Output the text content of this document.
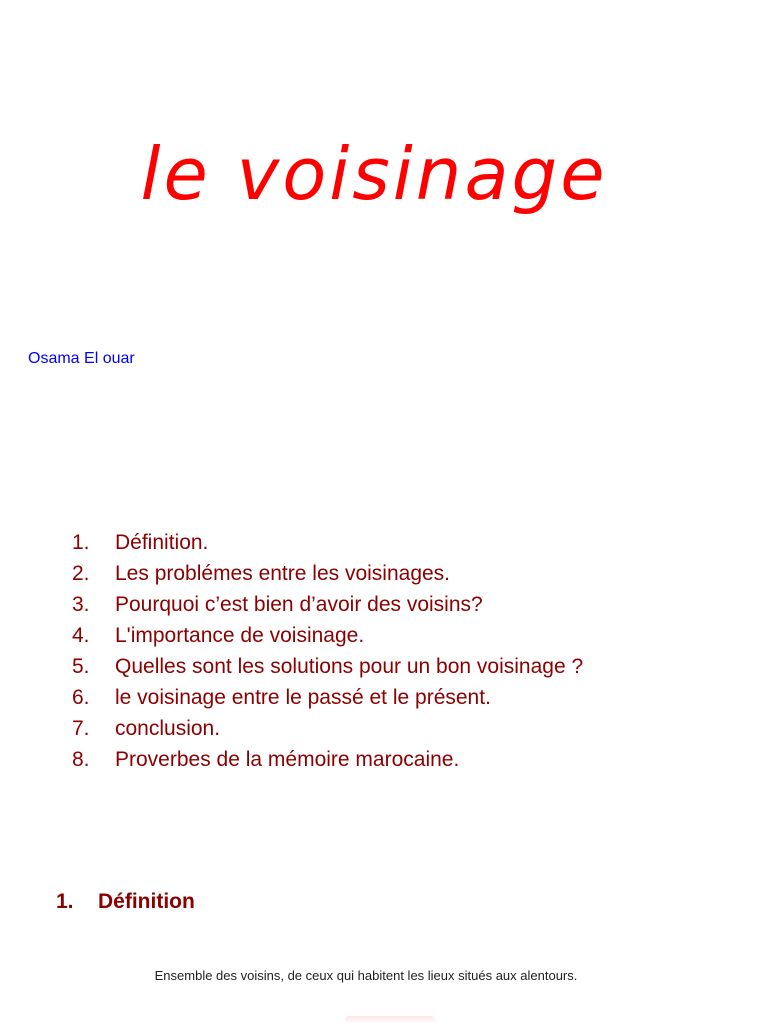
le voisinage

Osama El ouar

1.	Définition.
2.	Les problémes entre les voisinages.
3.	Pourquoi c’est bien d’avoir des voisins?
4.	L'importance de voisinage.
5.	Quelles sont les solutions pour un bon voisinage ?
6.	le voisinage entre le passé et le présent.
7.	conclusion.
8.	Proverbes de la mémoire marocaine.
1.	Définition

Ensemble des voisins, de ceux qui habitent les lieux situés aux alentours.
